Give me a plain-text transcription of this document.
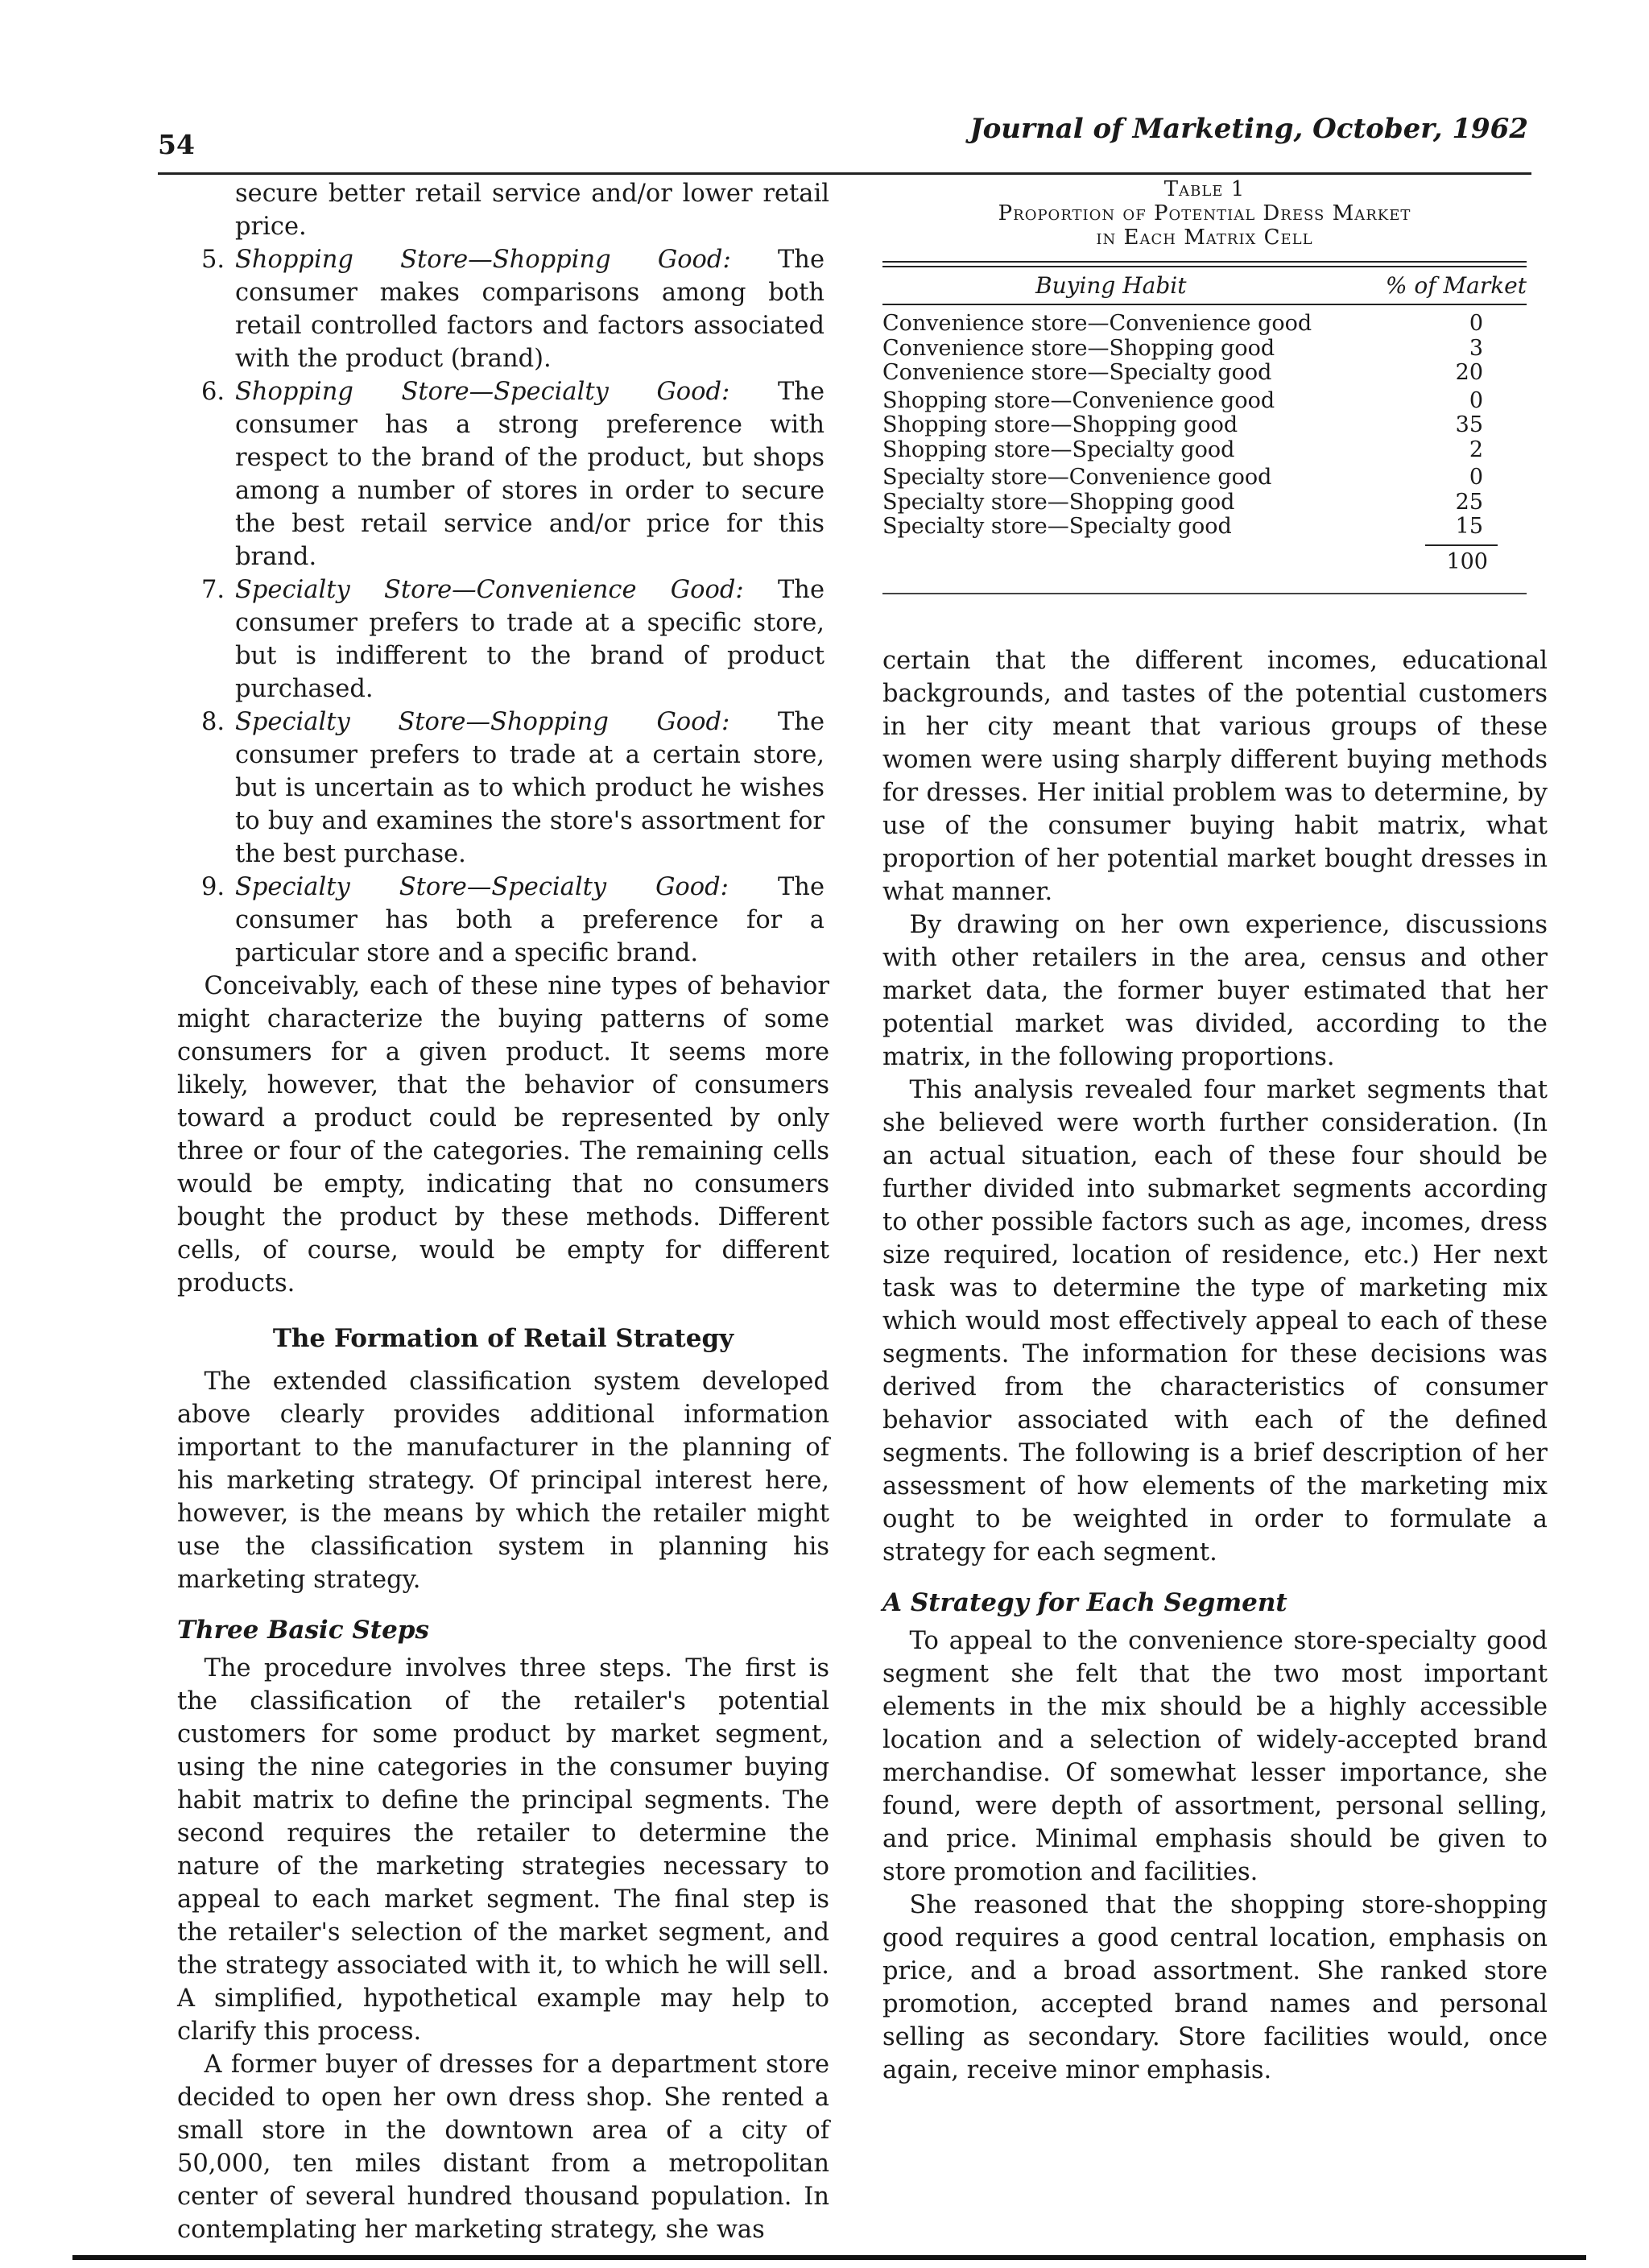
54	Journal of Marketing, October, 1962

secure better retail service and/or lower retail price.

5. Shopping Store—Shopping Good: The consumer makes comparisons among both retail controlled factors and factors associated with the product (brand).
6. Shopping Store—Specialty Good: The consumer has a strong preference with respect to the brand of the product, but shops among a number of stores in order to secure the best retail service and/or price for this brand.
7. Specialty Store—Convenience Good: The consumer prefers to trade at a specific store, but is indifferent to the brand of product purchased.
8. Specialty Store—Shopping Good: The consumer prefers to trade at a certain store, but is uncertain as to which product he wishes to buy and examines the store's assortment for the best purchase.
9. Specialty Store—Specialty Good: The consumer has both a preference for a particular store and a specific brand.

Conceivably, each of these nine types of behavior might characterize the buying patterns of some consumers for a given product. It seems more likely, however, that the behavior of consumers toward a product could be represented by only three or four of the categories. The remaining cells would be empty, indicating that no consumers bought the product by these methods. Different cells, of course, would be empty for different products.

The Formation of Retail Strategy

The extended classification system developed above clearly provides additional information important to the manufacturer in the planning of his marketing strategy. Of principal interest here, however, is the means by which the retailer might use the classification system in planning his marketing strategy.

Three Basic Steps

The procedure involves three steps. The first is the classification of the retailer's potential customers for some product by market segment, using the nine categories in the consumer buying habit matrix to define the principal segments. The second requires the retailer to determine the nature of the marketing strategies necessary to appeal to each market segment. The final step is the retailer's selection of the market segment, and the strategy associated with it, to which he will sell. A simplified, hypothetical example may help to clarify this process.

A former buyer of dresses for a department store decided to open her own dress shop. She rented a small store in the downtown area of a city of 50,000, ten miles distant from a metropolitan center of several hundred thousand population. In contemplating her marketing strategy, she was

Table 1
Proportion of Potential Dress Market
in Each Matrix Cell
Buying Habit	% of Market
Convenience store—Convenience good	0
Convenience store—Shopping good	3
Convenience store—Specialty good	20
Shopping store—Convenience good	0
Shopping store—Shopping good	35
Shopping store—Specialty good	2
Specialty store—Convenience good	0
Specialty store—Shopping good	25
Specialty store—Specialty good	15
100

certain that the different incomes, educational backgrounds, and tastes of the potential customers in her city meant that various groups of these women were using sharply different buying methods for dresses. Her initial problem was to determine, by use of the consumer buying habit matrix, what proportion of her potential market bought dresses in what manner.

By drawing on her own experience, discussions with other retailers in the area, census and other market data, the former buyer estimated that her potential market was divided, according to the matrix, in the following proportions.

This analysis revealed four market segments that she believed were worth further consideration. (In an actual situation, each of these four should be further divided into submarket segments according to other possible factors such as age, incomes, dress size required, location of residence, etc.) Her next task was to determine the type of marketing mix which would most effectively appeal to each of these segments. The information for these decisions was derived from the characteristics of consumer behavior associated with each of the defined segments. The following is a brief description of her assessment of how elements of the marketing mix ought to be weighted in order to formulate a strategy for each segment.

A Strategy for Each Segment

To appeal to the convenience store-specialty good segment she felt that the two most important elements in the mix should be a highly accessible location and a selection of widely-accepted brand merchandise. Of somewhat lesser importance, she found, were depth of assortment, personal selling, and price. Minimal emphasis should be given to store promotion and facilities.

She reasoned that the shopping store-shopping good requires a good central location, emphasis on price, and a broad assortment. She ranked store promotion, accepted brand names and personal selling as secondary. Store facilities would, once again, receive minor emphasis.
